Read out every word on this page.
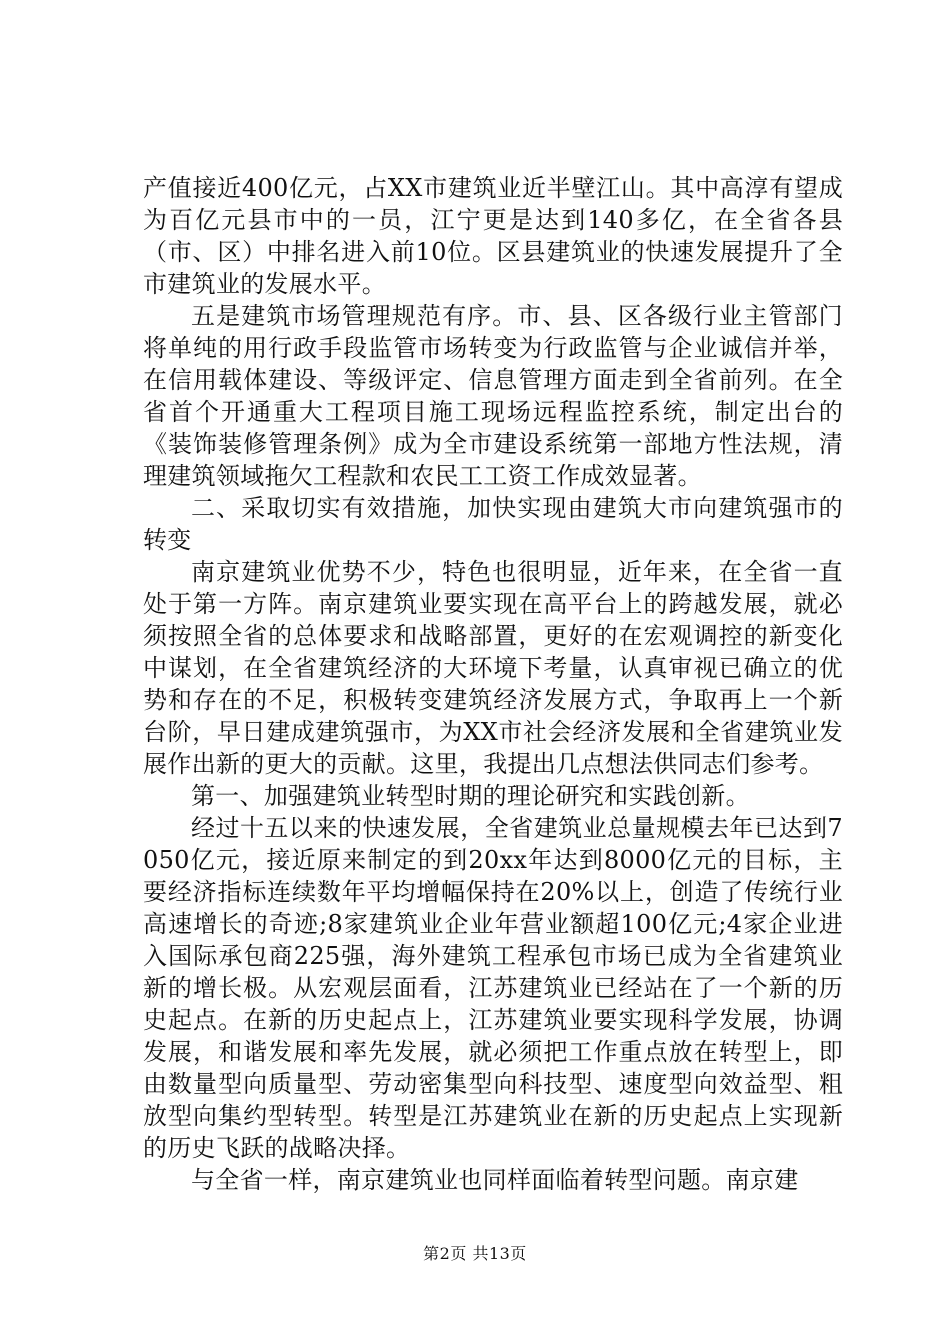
产值接近400亿元，占XX市建筑业近半壁江山。其中高淳有望成为百亿元县市中的一员，江宁更是达到140多亿，在全省各县（市、区）中排名进入前10位。区县建筑业的快速发展提升了全市建筑业的发展水平。

五是建筑市场管理规范有序。市、县、区各级行业主管部门将单纯的用行政手段监管市场转变为行政监管与企业诚信并举，在信用载体建设、等级评定、信息管理方面走到全省前列。在全省首个开通重大工程项目施工现场远程监控系统，制定出台的《装饰装修管理条例》成为全市建设系统第一部地方性法规，清理建筑领域拖欠工程款和农民工工资工作成效显著。

二、采取切实有效措施，加快实现由建筑大市向建筑强市的转变

南京建筑业优势不少，特色也很明显，近年来，在全省一直处于第一方阵。南京建筑业要实现在高平台上的跨越发展，就必须按照全省的总体要求和战略部置，更好的在宏观调控的新变化中谋划，在全省建筑经济的大环境下考量，认真审视已确立的优势和存在的不足，积极转变建筑经济发展方式，争取再上一个新台阶，早日建成建筑强市，为XX市社会经济发展和全省建筑业发展作出新的更大的贡献。这里，我提出几点想法供同志们参考。

第一、加强建筑业转型时期的理论研究和实践创新。

经过十五以来的快速发展，全省建筑业总量规模去年已达到7050亿元，接近原来制定的到20xx年达到8000亿元的目标，主要经济指标连续数年平均增幅保持在20%以上，创造了传统行业高速增长的奇迹;8家建筑业企业年营业额超100亿元;4家企业进入国际承包商225强，海外建筑工程承包市场已成为全省建筑业新的增长极。从宏观层面看，江苏建筑业已经站在了一个新的历史起点。在新的历史起点上，江苏建筑业要实现科学发展，协调发展，和谐发展和率先发展，就必须把工作重点放在转型上，即由数量型向质量型、劳动密集型向科技型、速度型向效益型、粗放型向集约型转型。转型是江苏建筑业在新的历史起点上实现新的历史飞跃的战略决择。

与全省一样，南京建筑业也同样面临着转型问题。南京建

第2页 共13页
